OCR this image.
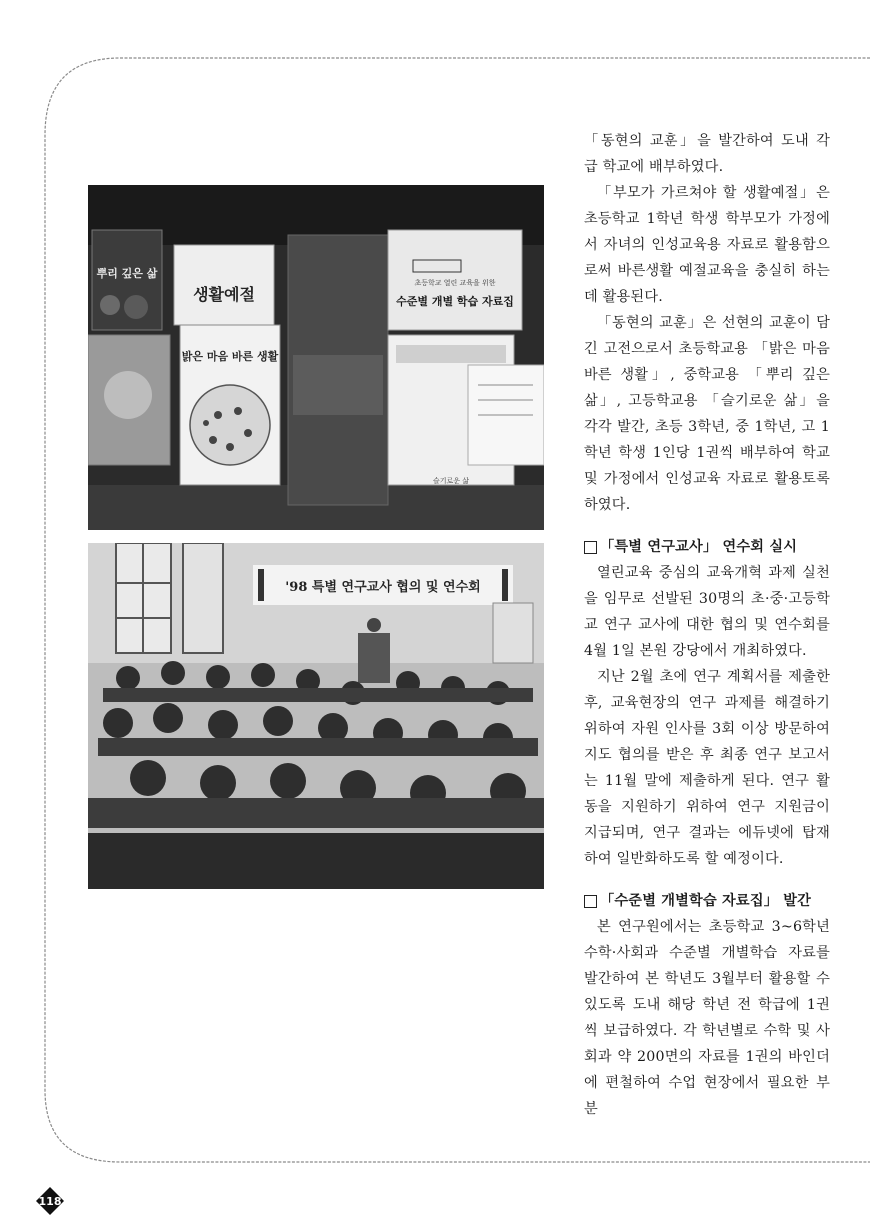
뿌리 깊은 삶
생활예절
밝은 마음 바른 생활
초등학교 열린 교육을 위한
수준별 개별 학습 자료집
슬기로운 삶
'98 특별 연구교사 협의 및 연수회

「동현의 교훈」을 발간하여 도내 각 급 학교에 배부하였다.

「부모가 가르쳐야 할 생활예절」은 초등학교 1학년 학생 학부모가 가정에서 자녀의 인성교육용 자료로 활용함으로써 바른생활 예절교육을 충실히 하는 데 활용된다.

「동현의 교훈」은 선현의 교훈이 담긴 고전으로서 초등학교용 「밝은 마음 바른 생활」, 중학교용 「뿌리 깊은 삶」, 고등학교용 「슬기로운 삶」을 각각 발간, 초등 3학년, 중 1학년, 고 1학년 학생 1인당 1권씩 배부하여 학교 및 가정에서 인성교육 자료로 활용토록 하였다.

「특별 연구교사」 연수회 실시

열린교육 중심의 교육개혁 과제 실천을 임무로 선발된 30명의 초·중·고등학교 연구 교사에 대한 협의 및 연수회를 4월 1일 본원 강당에서 개최하였다.

지난 2월 초에 연구 계획서를 제출한 후, 교육현장의 연구 과제를 해결하기 위하여 자원 인사를 3회 이상 방문하여 지도 협의를 받은 후 최종 연구 보고서는 11월 말에 제출하게 된다. 연구 활동을 지원하기 위하여 연구 지원금이 지급되며, 연구 결과는 에듀넷에 탑재하여 일반화하도록 할 예정이다.

「수준별 개별학습 자료집」 발간

본 연구원에서는 초등학교 3~6학년 수학·사회과 수준별 개별학습 자료를 발간하여 본 학년도 3월부터 활용할 수 있도록 도내 해당 학년 전 학급에 1권씩 보급하였다. 각 학년별로 수학 및 사회과 약 200면의 자료를 1권의 바인더에 편철하여 수업 현장에서 필요한 부분

118
